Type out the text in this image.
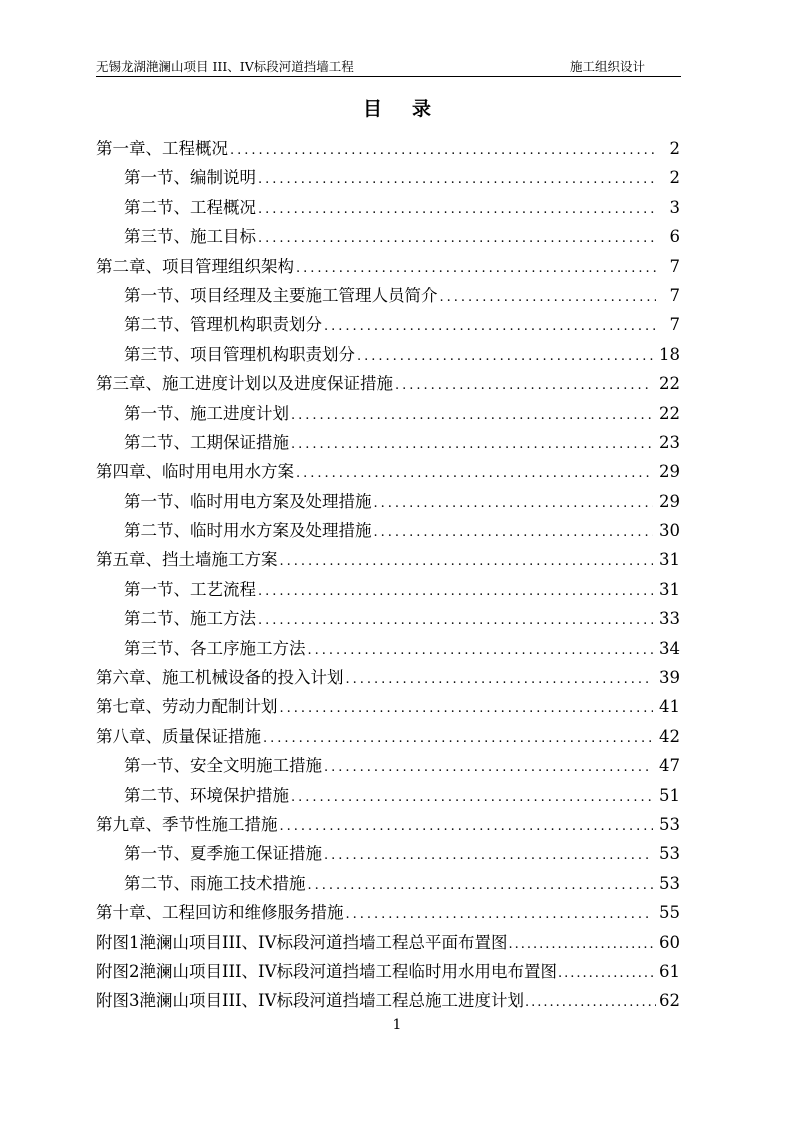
无锡龙湖滟澜山项目 III、IV标段河道挡墙工程	施工组织设计
目录
第一章、工程概况 .....	2
第一节、编制说明 .....	2
第二节、工程概况 .....	3
第三节、施工目标 .....	6
第二章、项目管理组织架构 .....	7
第一节、项目经理及主要施工管理人员简介 .....	7
第二节、管理机构职责划分 .....	7
第三节、项目管理机构职责划分 .....	18
第三章、施工进度计划以及进度保证措施 .....	22
第一节、施工进度计划 .....	22
第二节、工期保证措施 .....	23
第四章、临时用电用水方案 .....	29
第一节、临时用电方案及处理措施 .....	29
第二节、临时用水方案及处理措施 .....	30
第五章、挡土墙施工方案 .....	31
第一节、工艺流程 .....	31
第二节、施工方法 .....	33
第三节、各工序施工方法 .....	34
第六章、施工机械设备的投入计划 .....	39
第七章、劳动力配制计划 .....	41
第八章、质量保证措施 .....	42
第一节、安全文明施工措施 .....	47
第二节、环境保护措施 .....	51
第九章、季节性施工措施 .....	53
第一节、夏季施工保证措施 .....	53
第二节、雨施工技术措施 .....	53
第十章、工程回访和维修服务措施 .....	55
附图1滟澜山项目III、IV标段河道挡墙工程总平面布置图 .....	60
附图2滟澜山项目III、IV标段河道挡墙工程临时用水用电布置图 .....	61
附图3滟澜山项目III、IV标段河道挡墙工程总施工进度计划 .....	62
1
